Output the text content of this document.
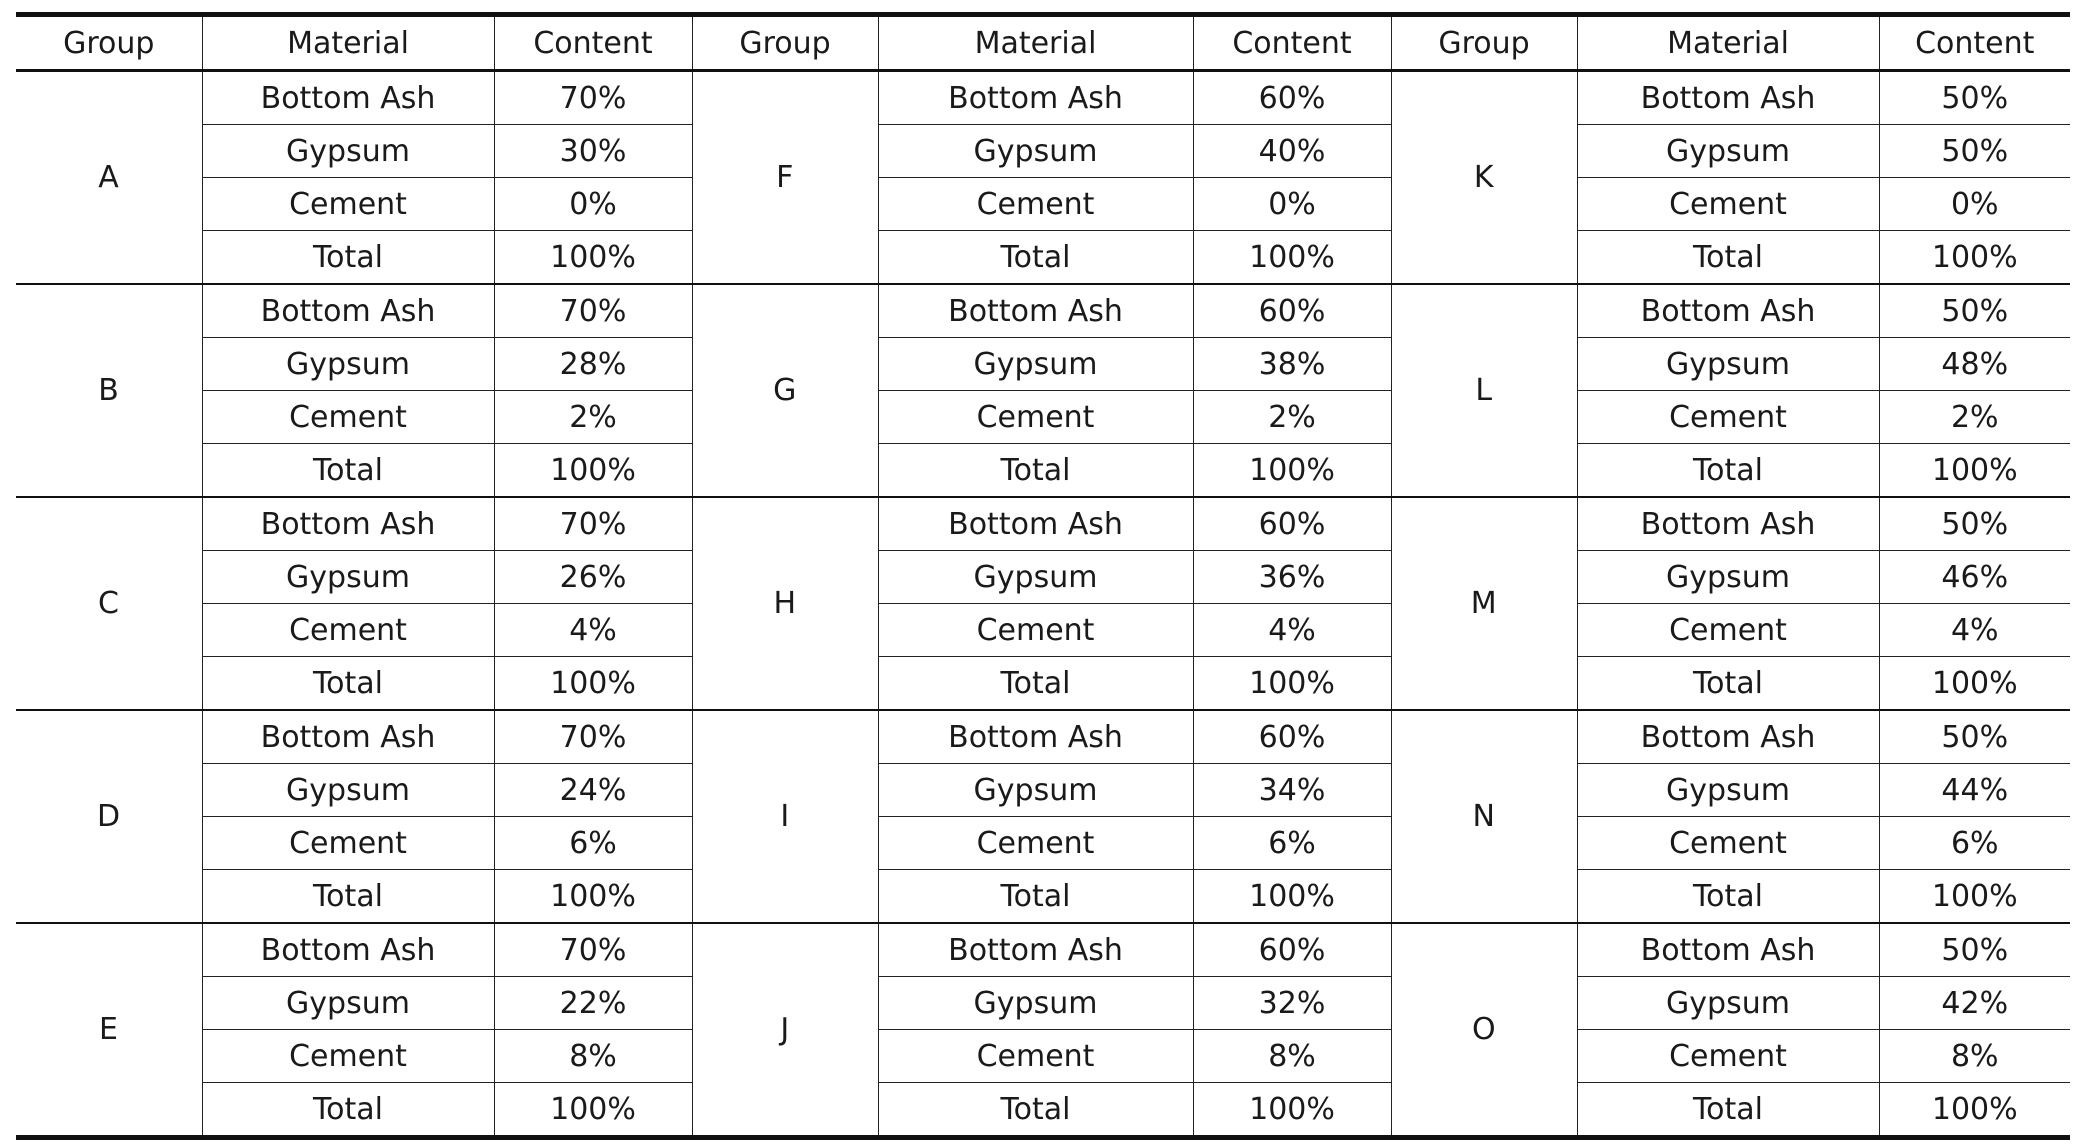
Group	Material	Content	Group	Material	Content	Group	Material	Content
A	Bottom Ash	70%	F	Bottom Ash	60%	K	Bottom Ash	50%
	Gypsum	30%		Gypsum	40%		Gypsum	50%
	Cement	0%		Cement	0%		Cement	0%
	Total	100%		Total	100%		Total	100%
B	Bottom Ash	70%	G	Bottom Ash	60%	L	Bottom Ash	50%
	Gypsum	28%		Gypsum	38%		Gypsum	48%
	Cement	2%		Cement	2%		Cement	2%
	Total	100%		Total	100%		Total	100%
C	Bottom Ash	70%	H	Bottom Ash	60%	M	Bottom Ash	50%
	Gypsum	26%		Gypsum	36%		Gypsum	46%
	Cement	4%		Cement	4%		Cement	4%
	Total	100%		Total	100%		Total	100%
D	Bottom Ash	70%	I	Bottom Ash	60%	N	Bottom Ash	50%
	Gypsum	24%		Gypsum	34%		Gypsum	44%
	Cement	6%		Cement	6%		Cement	6%
	Total	100%		Total	100%		Total	100%
E	Bottom Ash	70%	J	Bottom Ash	60%	O	Bottom Ash	50%
	Gypsum	22%		Gypsum	32%		Gypsum	42%
	Cement	8%		Cement	8%		Cement	8%
	Total	100%		Total	100%		Total	100%
